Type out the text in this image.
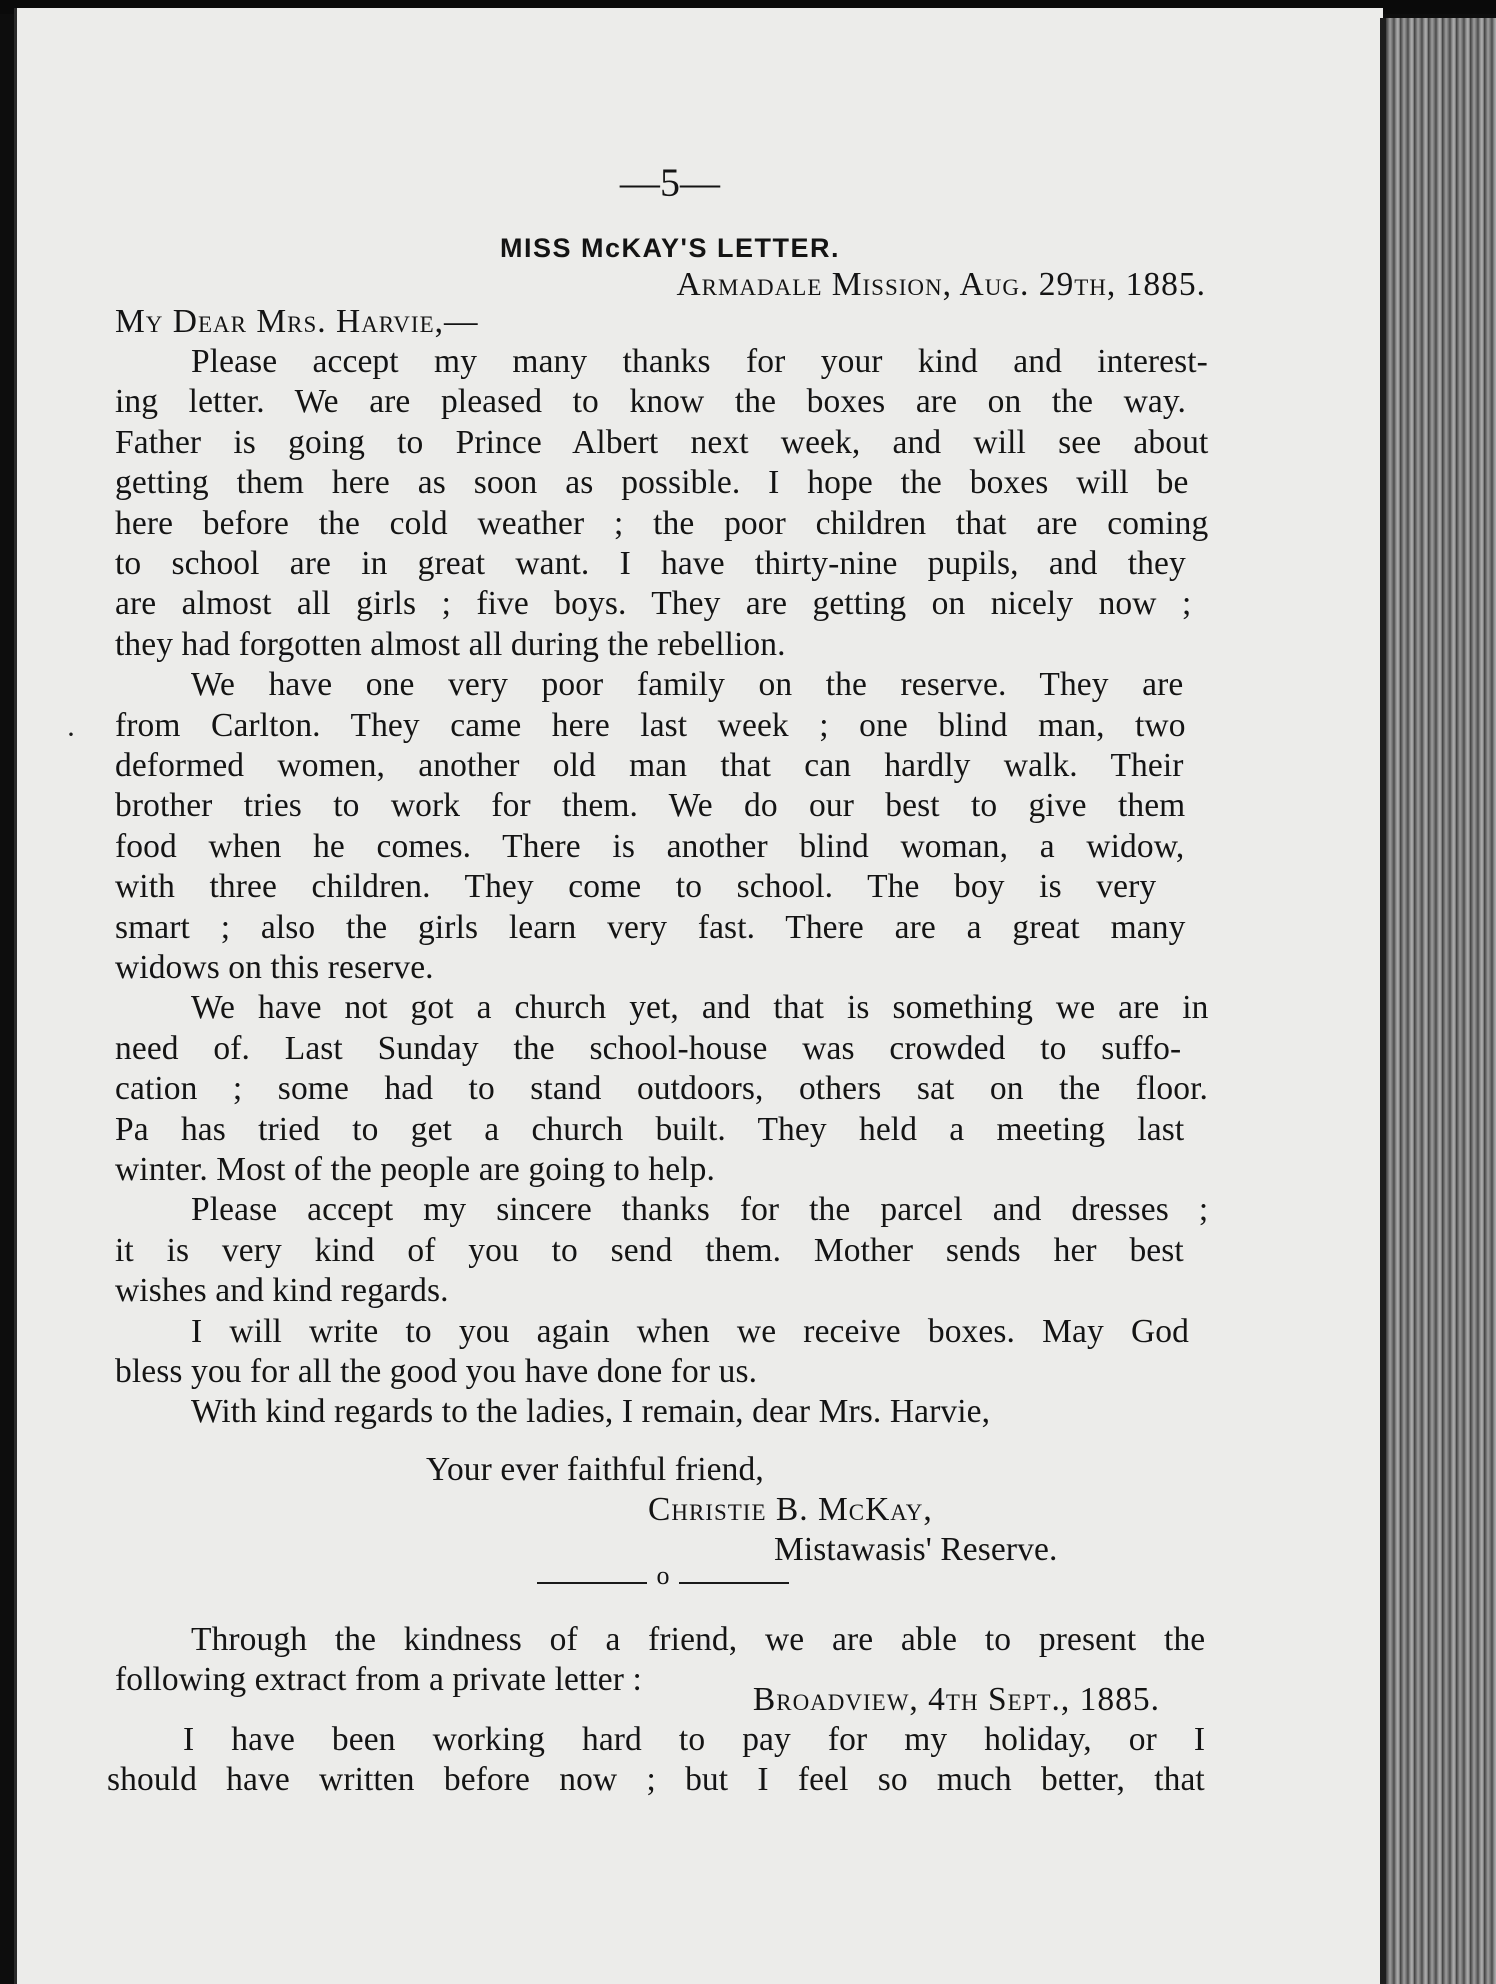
—5—
MISS McKAY'S LETTER.
Armadale Mission, Aug. 29th, 1885.
My Dear Mrs. Harvie,—
Please accept my many thanks for your kind and interest-
ing letter. We are pleased to know the boxes are on the way.
Father is going to Prince Albert next week, and will see about
getting them here as soon as possible. I hope the boxes will be
here before the cold weather ; the poor children that are coming
to school are in great want. I have thirty-nine pupils, and they
are almost all girls ; five boys. They are getting on nicely now ;
they had forgotten almost all during the rebellion.
We have one very poor family on the reserve. They are
from Carlton. They came here last week ; one blind man, two
deformed women, another old man that can hardly walk. Their
brother tries to work for them. We do our best to give them
food when he comes. There is another blind woman, a widow,
with three children. They come to school. The boy is very
smart ; also the girls learn very fast. There are a great many
widows on this reserve.
We have not got a church yet, and that is something we are in
need of. Last Sunday the school-house was crowded to suffo-
cation ; some had to stand outdoors, others sat on the floor.
Pa has tried to get a church built. They held a meeting last
winter. Most of the people are going to help.
Please accept my sincere thanks for the parcel and dresses ;
it is very kind of you to send them. Mother sends her best
wishes and kind regards.
I will write to you again when we receive boxes. May God
bless you for all the good you have done for us.
With kind regards to the ladies, I remain, dear Mrs. Harvie,
Your ever faithful friend,
Christie B. McKay,
Mistawasis' Reserve.
o
Through the kindness of a friend, we are able to present the
following extract from a private letter :
Broadview, 4th Sept., 1885.
I have been working hard to pay for my holiday, or I
should have written before now ; but I feel so much better, that
·
